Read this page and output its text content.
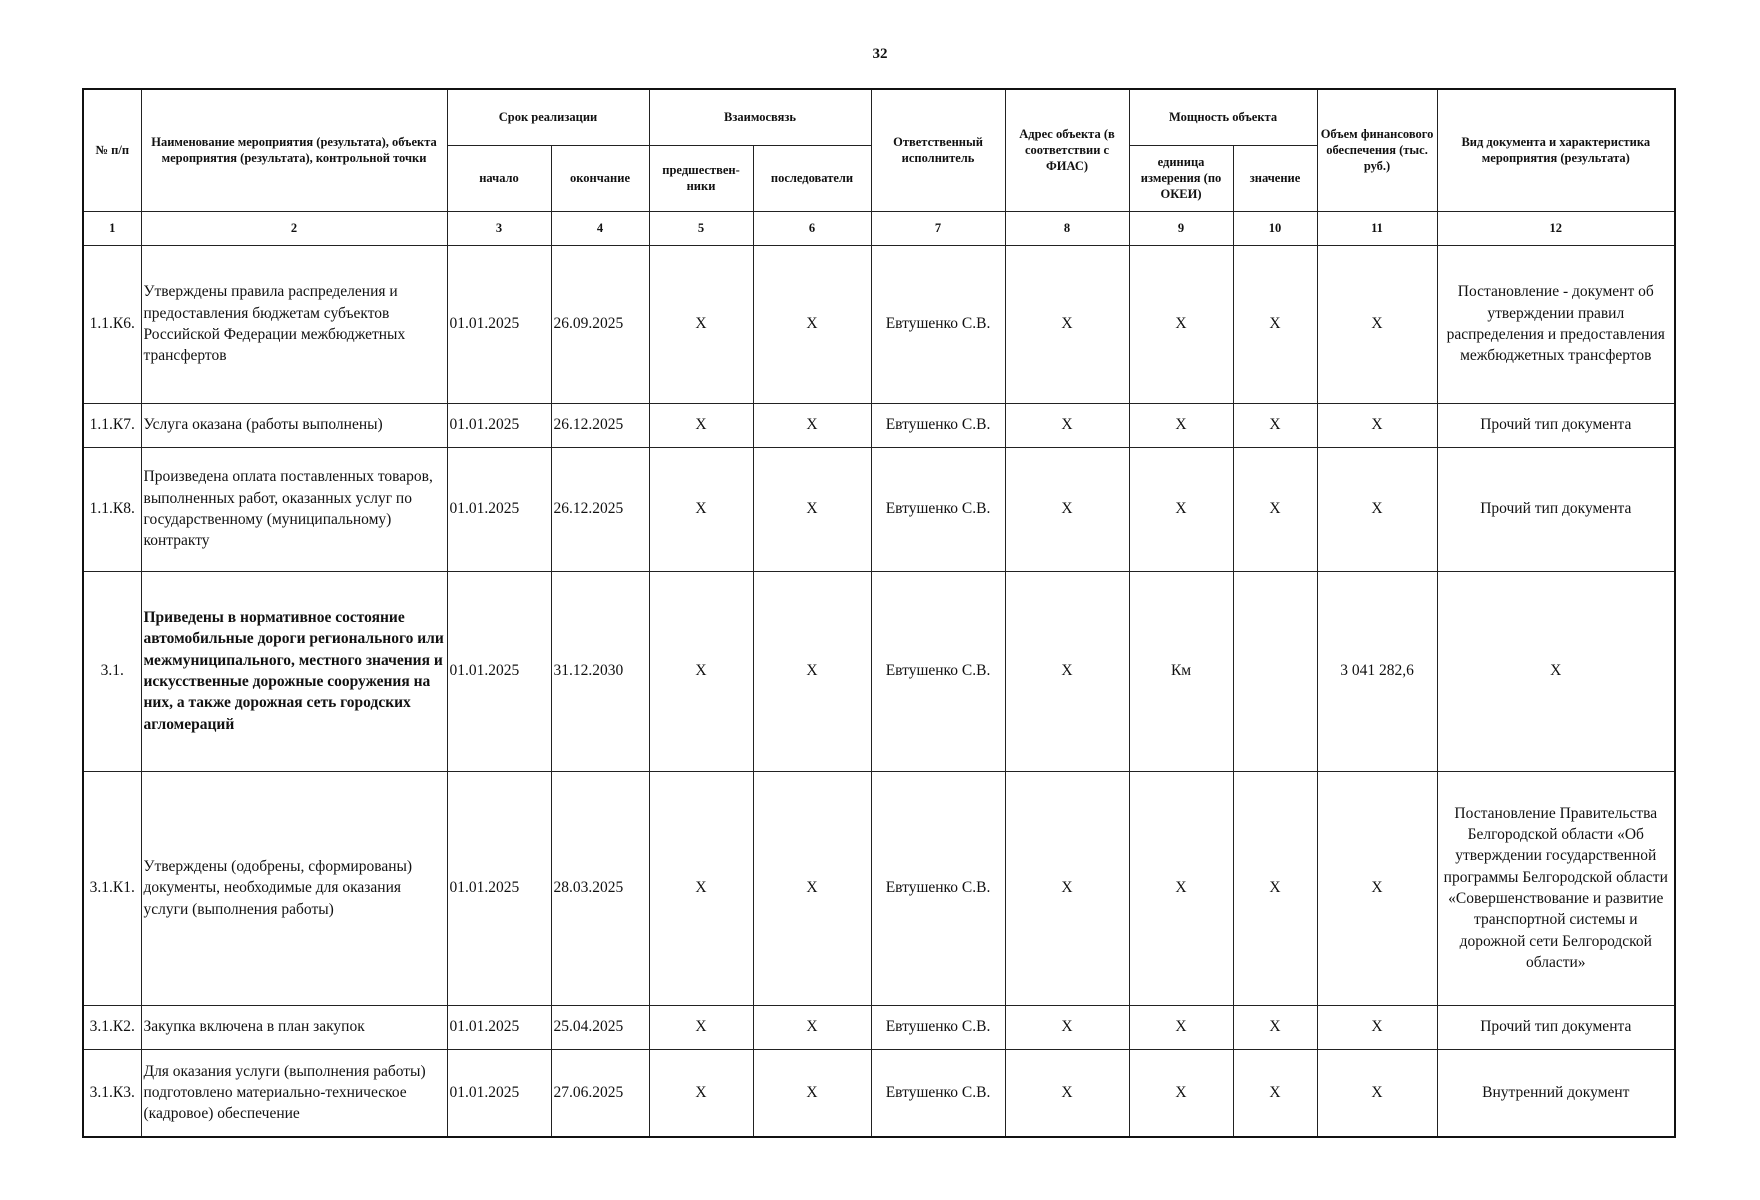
32
№ п/п	Наименование мероприятия (результата), объекта мероприятия (результата), контрольной точки	Срок реализации		Взаимосвязь		Ответственный исполнитель	Адрес объекта (в соответствии с ФИАС)	Мощность объекта		Объем финансового обеспечения (тыс. руб.)	Вид документа и характеристика мероприятия (результата)
		начало	окончание	предшествен-ники	последователи			единица измерения (по ОКЕИ)	значение		
1	2	3	4	5	6	7	8	9	10	11	12
1.1.К6.	Утверждены правила распределения и предоставления бюджетам субъектов Российской Федерации межбюджетных трансфертов	01.01.2025	26.09.2025	X	X	Евтушенко С.В.	X	X	X	X	Постановление - документ об утверждении правил распределения и предоставления межбюджетных трансфертов
1.1.К7.	Услуга оказана (работы выполнены)	01.01.2025	26.12.2025	X	X	Евтушенко С.В.	X	X	X	X	Прочий тип документа
1.1.К8.	Произведена оплата поставленных товаров, выполненных работ, оказанных услуг по государственному (муниципальному) контракту	01.01.2025	26.12.2025	X	X	Евтушенко С.В.	X	X	X	X	Прочий тип документа
3.1.	Приведены в нормативное состояние автомобильные дороги регионального или межмуниципального, местного значения и искусственные дорожные сооружения на них, а также дорожная сеть городских агломераций	01.01.2025	31.12.2030	X	X	Евтушенко С.В.	X	Км		3 041 282,6	X
3.1.К1.	Утверждены (одобрены, сформированы) документы, необходимые для оказания услуги (выполнения работы)	01.01.2025	28.03.2025	X	X	Евтушенко С.В.	X	X	X	X	Постановление Правительства Белгородской области «Об утверждении государственной программы Белгородской области «Совершенствование и развитие транспортной системы и дорожной сети Белгородской области»
3.1.К2.	Закупка включена в план закупок	01.01.2025	25.04.2025	X	X	Евтушенко С.В.	X	X	X	X	Прочий тип документа
3.1.К3.	Для оказания услуги (выполнения работы) подготовлено материально-техническое (кадровое) обеспечение	01.01.2025	27.06.2025	X	X	Евтушенко С.В.	X	X	X	X	Внутренний документ
